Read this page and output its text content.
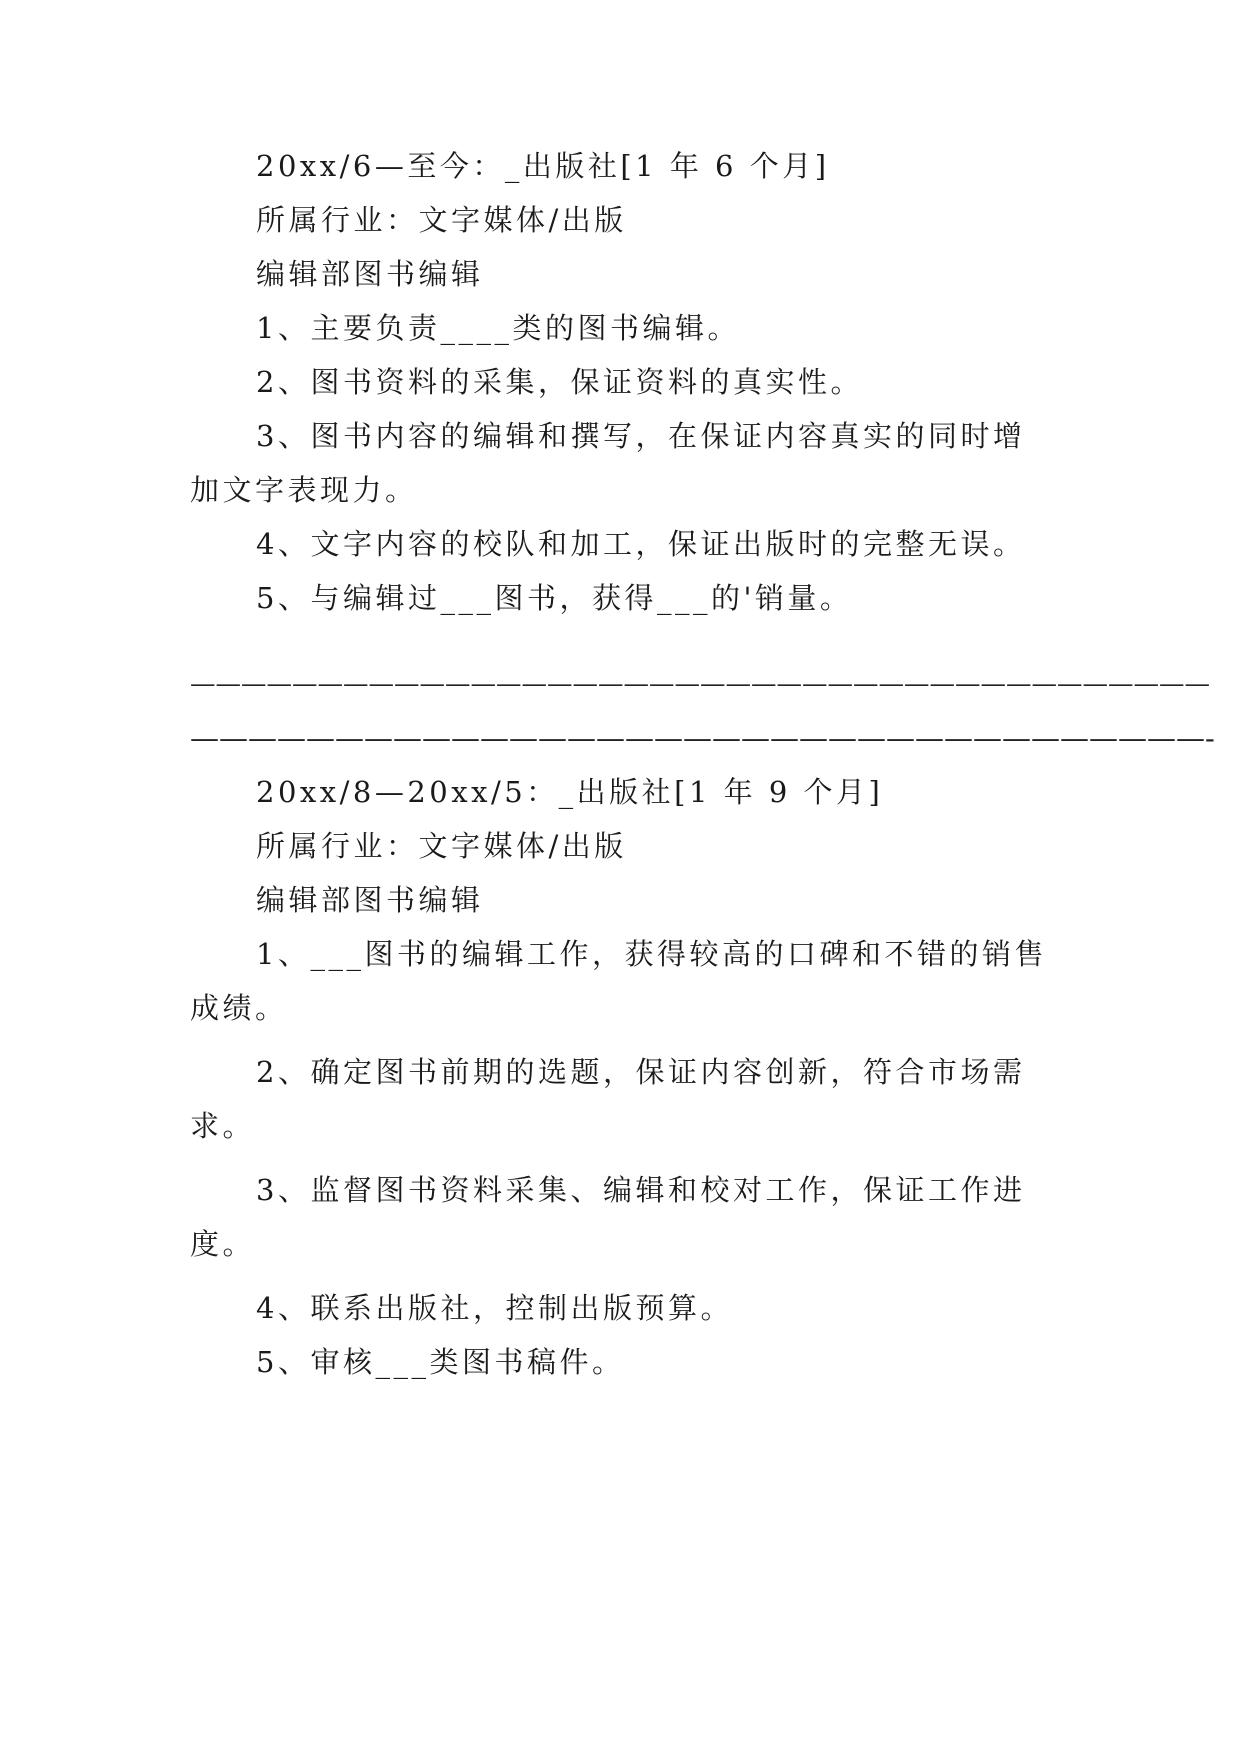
20xx/6—至今：_出版社[1 年 6 个月]
所属行业：文字媒体/出版
编辑部图书编辑
1、主要负责____类的图书编辑。
2、图书资料的采集，保证资料的真实性。
3、图书内容的编辑和撰写，在保证内容真实的同时增
加文字表现力。
4、文字内容的校队和加工，保证出版时的完整无误。
5、与编辑过___图书，获得___的'销量。
————————————————————————————————————————
———————————————————————————————————-
20xx/8—20xx/5：_出版社[1 年 9 个月]
所属行业：文字媒体/出版
编辑部图书编辑
1、___图书的编辑工作，获得较高的口碑和不错的销售
成绩。
2、确定图书前期的选题，保证内容创新，符合市场需
求。
3、监督图书资料采集、编辑和校对工作，保证工作进
度。
4、联系出版社，控制出版预算。
5、审核___类图书稿件。
